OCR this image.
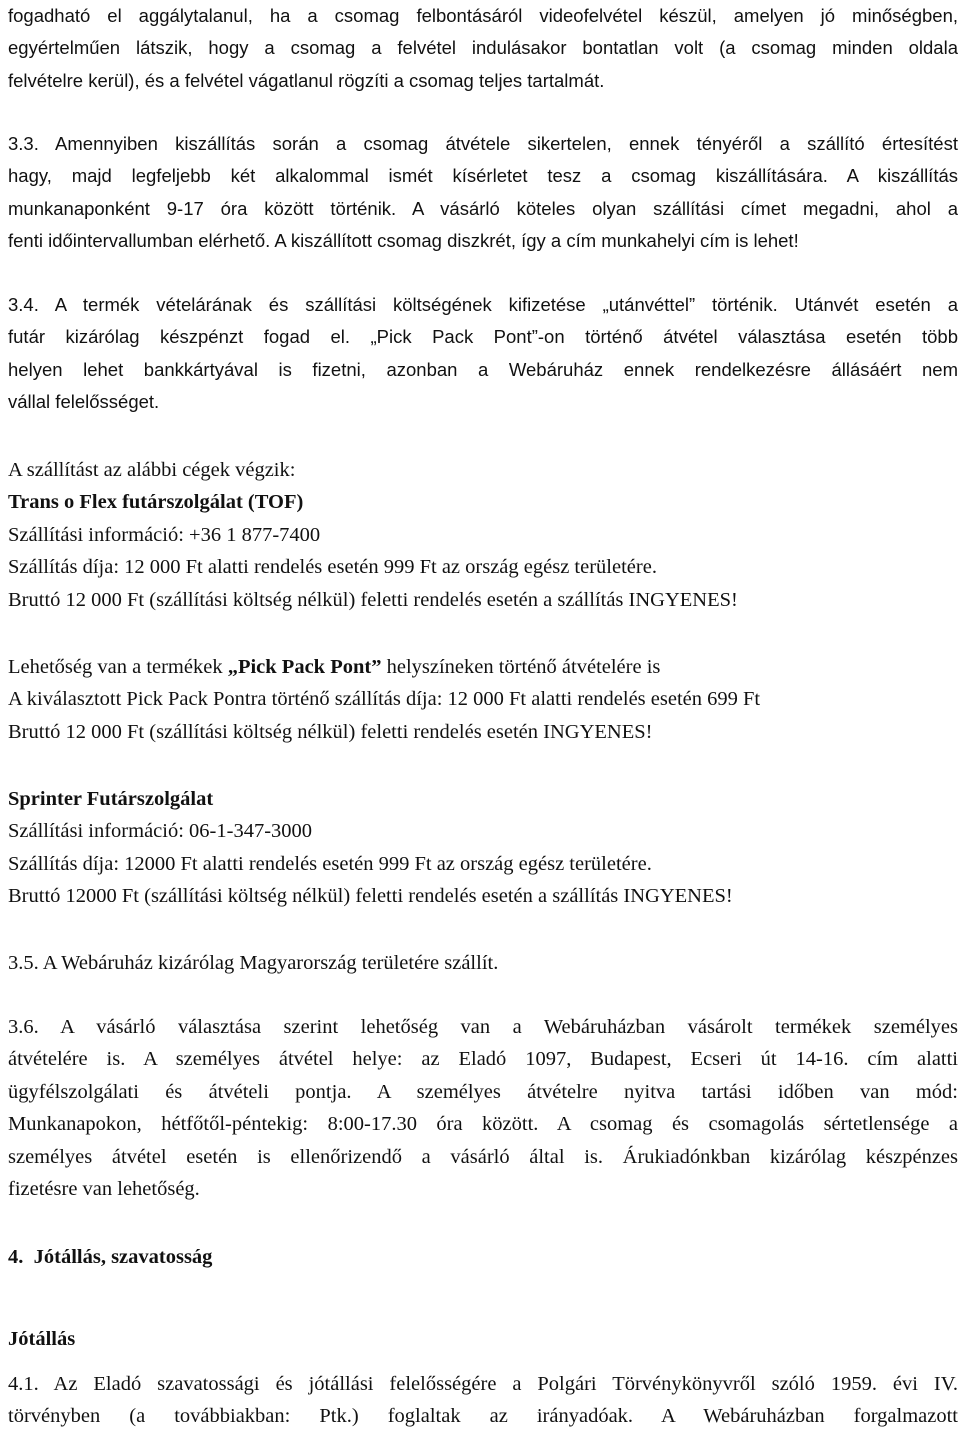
fogadható el aggálytalanul, ha a csomag felbontásáról videofelvétel készül, amelyen jó minőségben,
egyértelműen látszik, hogy a csomag a felvétel indulásakor bontatlan volt (a csomag minden oldala
felvételre kerül), és a felvétel vágatlanul rögzíti a csomag teljes tartalmát.
3.3. Amennyiben kiszállítás során a csomag átvétele sikertelen, ennek tényéről a szállító értesítést
hagy, majd legfeljebb két alkalommal ismét kísérletet tesz a csomag kiszállítására. A kiszállítás
munkanaponként 9-17 óra között történik. A vásárló köteles olyan szállítási címet megadni, ahol a
fenti időintervallumban elérhető. A kiszállított csomag diszkrét, így a cím munkahelyi cím is lehet!
3.4. A termék vételárának és szállítási költségének kifizetése „utánvéttel” történik. Utánvét esetén a
futár kizárólag készpénzt fogad el. „Pick Pack Pont”-on történő átvétel választása esetén több
helyen lehet bankkártyával is fizetni, azonban a Webáruház ennek rendelkezésre állásáért nem
vállal felelősséget.
A szállítást az alábbi cégek végzik:
Trans o Flex futárszolgálat (TOF)
Szállítási információ: +36 1 877-7400
Szállítás díja: 12 000 Ft alatti rendelés esetén 999 Ft az ország egész területére.
Bruttó 12 000 Ft (szállítási költség nélkül) feletti rendelés esetén a szállítás INGYENES!
Lehetőség van a termékek „Pick Pack Pont” helyszíneken történő átvételére is
A kiválasztott Pick Pack Pontra történő szállítás díja: 12 000 Ft alatti rendelés esetén 699 Ft
Bruttó 12 000 Ft (szállítási költség nélkül) feletti rendelés esetén INGYENES!
Sprinter Futárszolgálat
Szállítási információ: 06-1-347-3000
Szállítás díja: 12000 Ft alatti rendelés esetén 999 Ft az ország egész területére.
Bruttó 12000 Ft (szállítási költség nélkül) feletti rendelés esetén a szállítás INGYENES!
3.5. A Webáruház kizárólag Magyarország területére szállít.
3.6. A vásárló választása szerint lehetőség van a Webáruházban vásárolt termékek személyes
átvételére is. A személyes átvétel helye: az Eladó 1097, Budapest, Ecseri út 14-16. cím alatti
ügyfélszolgálati és átvételi pontja. A személyes átvételre nyitva tartási időben van mód:
Munkanapokon, hétfőtől-péntekig: 8:00-17.30 óra között. A csomag és csomagolás sértetlensége a
személyes átvétel esetén is ellenőrizendő a vásárló által is. Árukiadónkban kizárólag készpénzes
fizetésre van lehetőség.
4.  Jótállás, szavatosság
Jótállás
4.1. Az Eladó szavatossági és jótállási felelősségére a Polgári Törvénykönyvről szóló 1959. évi IV.
törvényben (a továbbiakban: Ptk.) foglaltak az irányadóak. A Webáruházban forgalmazott
